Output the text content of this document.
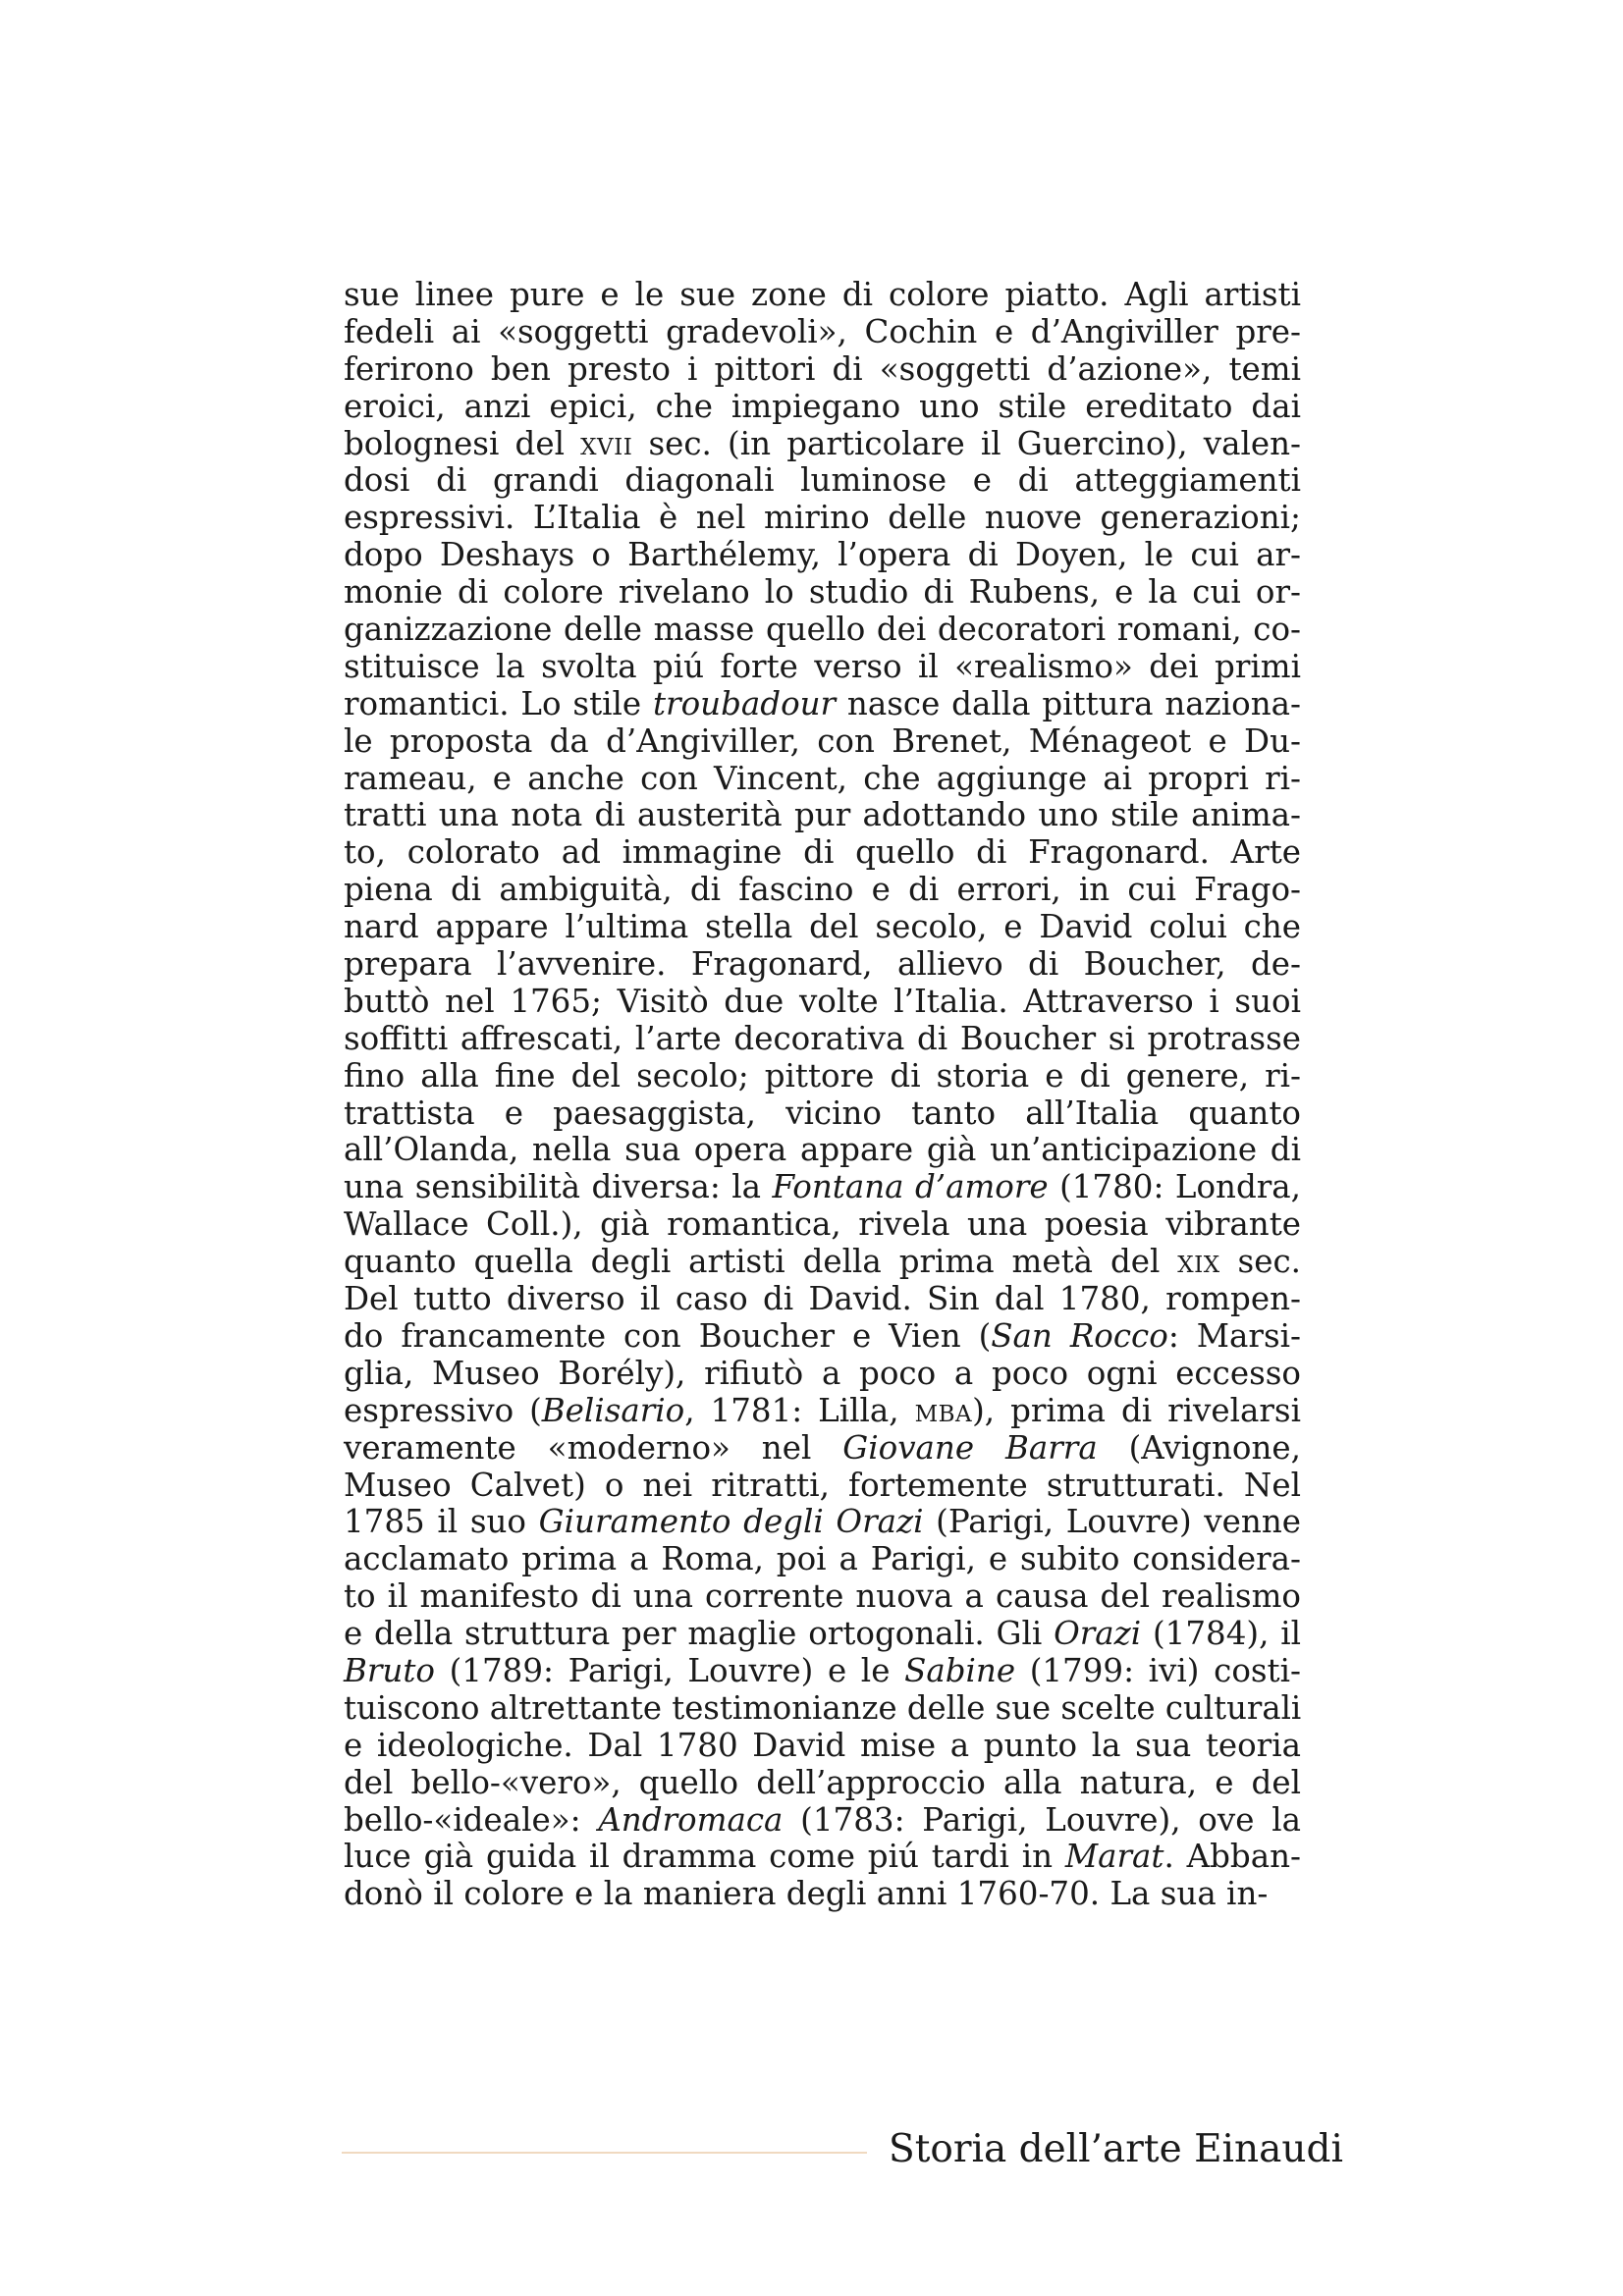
sue linee pure e le sue zone di colore piatto. Agli artisti
fedeli ai «soggetti gradevoli», Cochin e d’Angiviller pre-
ferirono ben presto i pittori di «soggetti d’azione», temi
eroici, anzi epici, che impiegano uno stile ereditato dai
bolognesi del xvii sec. (in particolare il Guercino), valen-
dosi di grandi diagonali luminose e di atteggiamenti
espressivi. L’Italia è nel mirino delle nuove generazioni;
dopo Deshays o Barthélemy, l’opera di Doyen, le cui ar-
monie di colore rivelano lo studio di Rubens, e la cui or-
ganizzazione delle masse quello dei decoratori romani, co-
stituisce la svolta piú forte verso il «realismo» dei primi
romantici. Lo stile troubadour nasce dalla pittura naziona-
le proposta da d’Angiviller, con Brenet, Ménageot e Du-
rameau, e anche con Vincent, che aggiunge ai propri ri-
tratti una nota di austerità pur adottando uno stile anima-
to, colorato ad immagine di quello di Fragonard. Arte
piena di ambiguità, di fascino e di errori, in cui Frago-
nard appare l’ultima stella del secolo, e David colui che
prepara l’avvenire. Fragonard, allievo di Boucher, de-
buttò nel 1765; Visitò due volte l’Italia. Attraverso i suoi
soffitti affrescati, l’arte decorativa di Boucher si protrasse
fino alla fine del secolo; pittore di storia e di genere, ri-
trattista e paesaggista, vicino tanto all’Italia quanto
all’Olanda, nella sua opera appare già un’anticipazione di
una sensibilità diversa: la Fontana d’amore (1780: Londra,
Wallace Coll.), già romantica, rivela una poesia vibrante
quanto quella degli artisti della prima metà del xix sec.
Del tutto diverso il caso di David. Sin dal 1780, rompen-
do francamente con Boucher e Vien (San Rocco: Marsi-
glia, Museo Borély), rifiutò a poco a poco ogni eccesso
espressivo (Belisario, 1781: Lilla, mba), prima di rivelarsi
veramente «moderno» nel Giovane Barra (Avignone,
Museo Calvet) o nei ritratti, fortemente strutturati. Nel
1785 il suo Giuramento degli Orazi (Parigi, Louvre) venne
acclamato prima a Roma, poi a Parigi, e subito considera-
to il manifesto di una corrente nuova a causa del realismo
e della struttura per maglie ortogonali. Gli Orazi (1784), il
Bruto (1789: Parigi, Louvre) e le Sabine (1799: ivi) costi-
tuiscono altrettante testimonianze delle sue scelte culturali
e ideologiche. Dal 1780 David mise a punto la sua teoria
del bello-«vero», quello dell’approccio alla natura, e del
bello-«ideale»: Andromaca (1783: Parigi, Louvre), ove la
luce già guida il dramma come piú tardi in Marat. Abban-
donò il colore e la maniera degli anni 1760-70. La sua in-
Storia dell’arte Einaudi
